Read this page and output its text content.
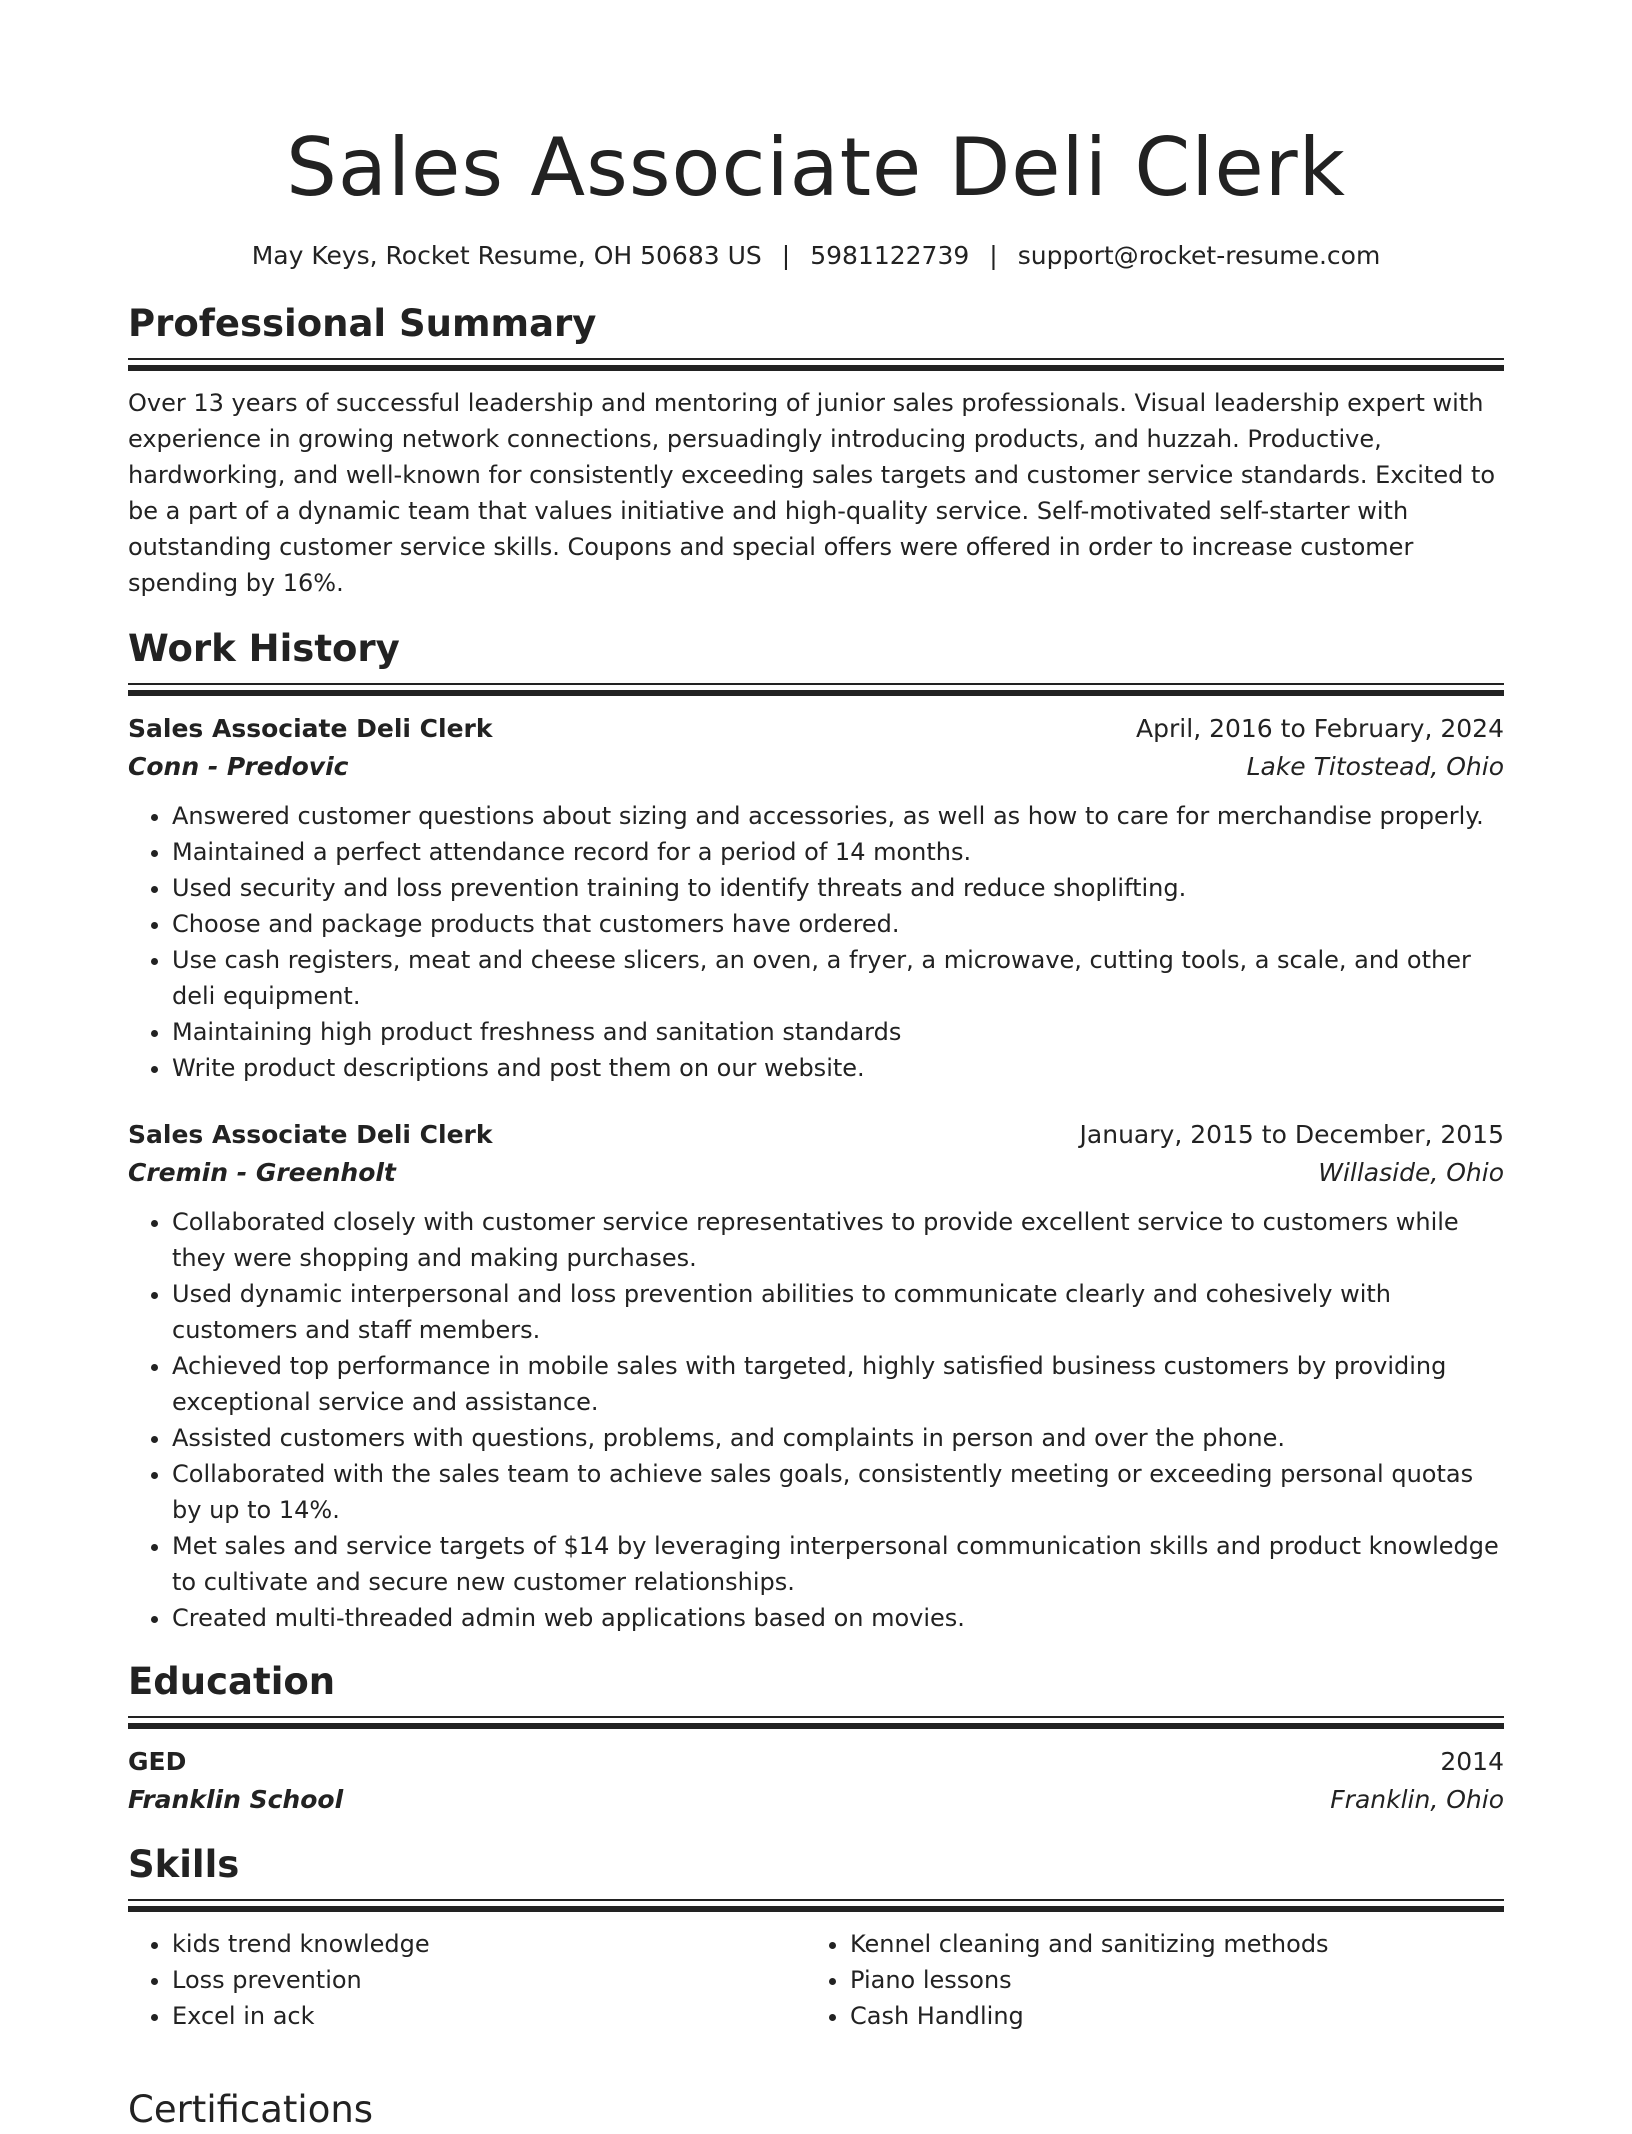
Sales Associate Deli Clerk
May Keys, Rocket Resume, OH 50683 US | 5981122739 | support@rocket-resume.com
Professional Summary
Over 13 years of successful leadership and mentoring of junior sales professionals. Visual leadership expert with experience in growing network connections, persuadingly introducing products, and huzzah. Productive, hardworking, and well-known for consistently exceeding sales targets and customer service standards. Excited to be a part of a dynamic team that values initiative and high-quality service. Self-motivated self-starter with outstanding customer service skills. Coupons and special offers were offered in order to increase customer spending by 16%.
Work History
Sales Associate Deli Clerk	April, 2016 to February, 2024
Conn - Predovic	Lake Titostead, Ohio
• Answered customer questions about sizing and accessories, as well as how to care for merchandise properly.
• Maintained a perfect attendance record for a period of 14 months.
• Used security and loss prevention training to identify threats and reduce shoplifting.
• Choose and package products that customers have ordered.
• Use cash registers, meat and cheese slicers, an oven, a fryer, a microwave, cutting tools, a scale, and other deli equipment.
• Maintaining high product freshness and sanitation standards
• Write product descriptions and post them on our website.
Sales Associate Deli Clerk	January, 2015 to December, 2015
Cremin - Greenholt	Willaside, Ohio
• Collaborated closely with customer service representatives to provide excellent service to customers while they were shopping and making purchases.
• Used dynamic interpersonal and loss prevention abilities to communicate clearly and cohesively with customers and staff members.
• Achieved top performance in mobile sales with targeted, highly satisfied business customers by providing exceptional service and assistance.
• Assisted customers with questions, problems, and complaints in person and over the phone.
• Collaborated with the sales team to achieve sales goals, consistently meeting or exceeding personal quotas by up to 14%.
• Met sales and service targets of $14 by leveraging interpersonal communication skills and product knowledge to cultivate and secure new customer relationships.
• Created multi-threaded admin web applications based on movies.
Education
GED	2014
Franklin School	Franklin, Ohio
Skills
• kids trend knowledge
• Loss prevention
• Excel in ack
• Kennel cleaning and sanitizing methods
• Piano lessons
• Cash Handling
Certifications
